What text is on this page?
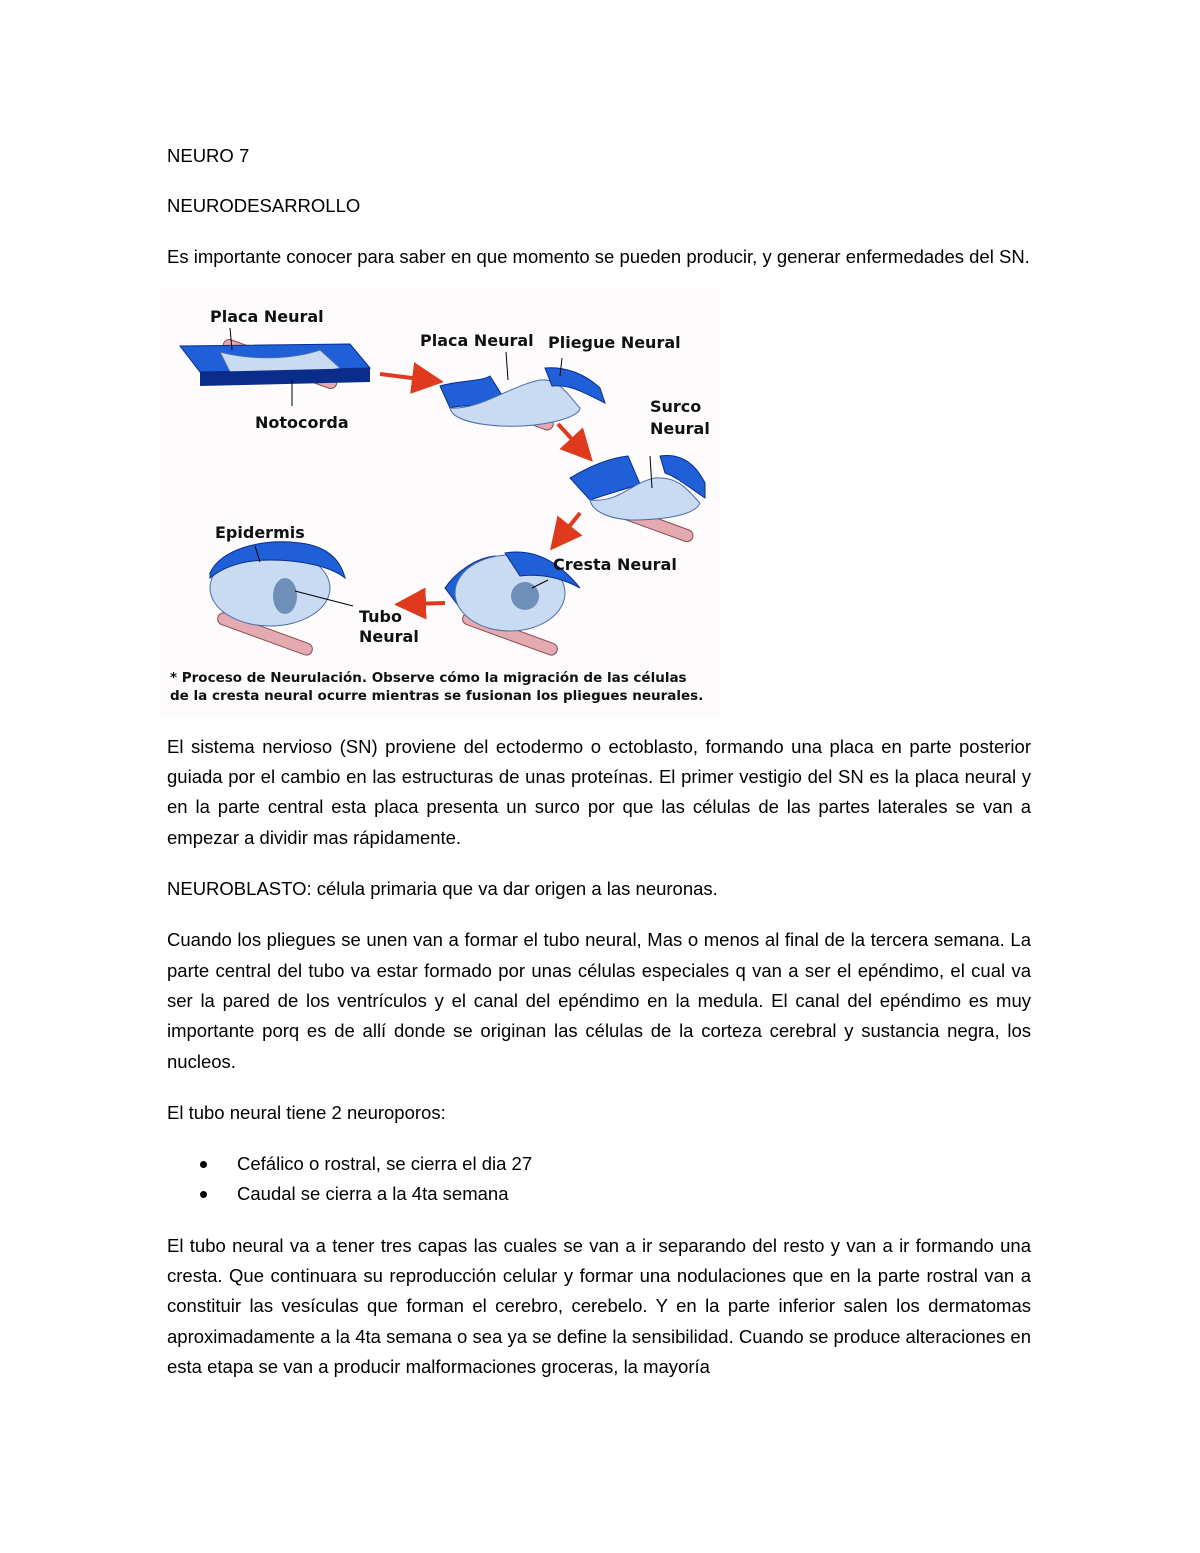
NEURO 7

NEURODESARROLLO

Es importante conocer para saber en que momento se pueden producir, y generar enfermedades del SN.

Placa Neural
Notocorda
Placa Neural Pliegue Neural
Surco
Neural
Epidermis
Cresta Neural
Tubo
Neural
* Proceso de Neurulación. Observe cómo la migración de las células
de la cresta neural ocurre mientras se fusionan los pliegues neurales.

El sistema nervioso (SN) proviene del ectodermo o ectoblasto, formando una placa en parte posterior guiada por el cambio en las estructuras de unas proteínas. El primer vestigio del SN es la placa neural y en la parte central esta placa presenta un surco por que las células de las partes laterales se van a empezar a dividir mas rápidamente.

NEUROBLASTO: célula primaria que va dar origen a las neuronas.

Cuando los pliegues se unen van a formar el tubo neural, Mas o menos al final de la tercera semana. La parte central del tubo va estar formado por unas células especiales q van a ser el epéndimo, el cual va ser la pared de los ventrículos y el canal del epéndimo en la medula. El canal del epéndimo es muy importante porq es de allí donde se originan las células de la corteza cerebral y sustancia negra, los nucleos.

El tubo neural tiene 2 neuroporos:

Cefálico o rostral, se cierra el dia 27
Caudal se cierra a la 4ta semana

El tubo neural va a tener tres capas las cuales se van a ir separando del resto y van a ir formando una cresta. Que continuara su reproducción celular y formar una nodulaciones que en la parte rostral van a constituir las vesículas que forman el cerebro, cerebelo. Y en la parte inferior salen los dermatomas aproximadamente a la 4ta semana o sea ya se define la sensibilidad. Cuando se produce alteraciones en esta etapa se van a producir malformaciones groceras, la mayoría
